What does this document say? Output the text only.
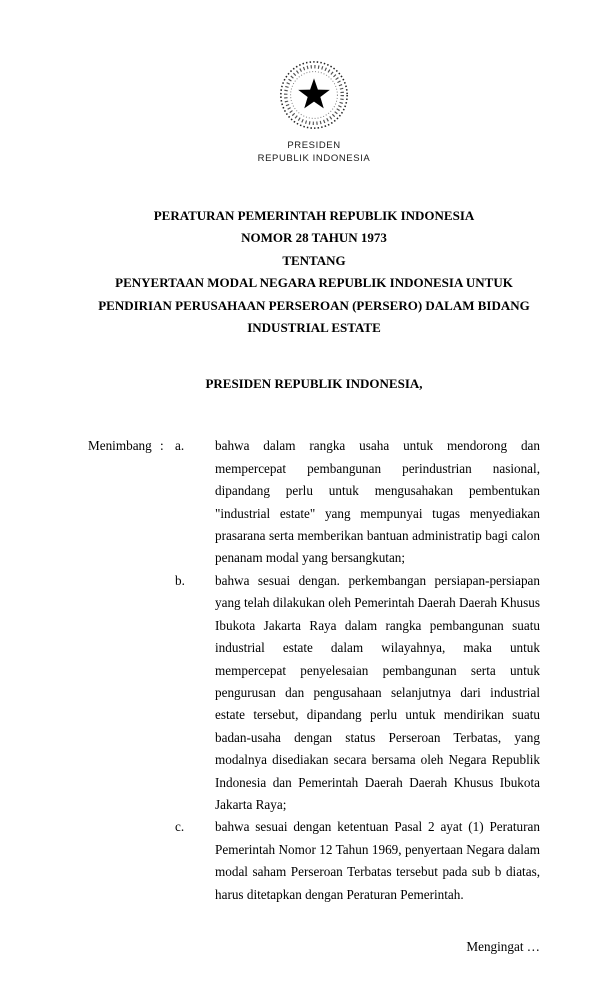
PRESIDEN
REPUBLIK INDONESIA
PERATURAN PEMERINTAH REPUBLIK INDONESIA
NOMOR 28 TAHUN 1973
TENTANG
PENYERTAAN MODAL NEGARA REPUBLIK INDONESIA UNTUK
PENDIRIAN PERUSAHAAN PERSEROAN (PERSERO) DALAM BIDANG
INDUSTRIAL ESTATE
PRESIDEN REPUBLIK INDONESIA,
Menimbang : a.	bahwa dalam rangka usaha untuk mendorong dan mempercepat pembangunan perindustrian nasional, dipandang perlu untuk mengusahakan pembentukan "industrial estate" yang mempunyai tugas menyediakan prasarana serta memberikan bantuan administratip bagi calon penanam modal yang bersangkutan;
b.	bahwa sesuai dengan. perkembangan persiapan-persiapan yang telah dilakukan oleh Pemerintah Daerah Daerah Khusus Ibukota Jakarta Raya dalam rangka pembangunan suatu industrial estate dalam wilayahnya, maka untuk mempercepat penyelesaian pembangunan serta untuk pengurusan dan pengusahaan selanjutnya dari industrial estate tersebut, dipandang perlu untuk mendirikan suatu badan-usaha dengan status Perseroan Terbatas, yang modalnya disediakan secara bersama oleh Negara Republik Indonesia dan Pemerintah Daerah Daerah Khusus Ibukota Jakarta Raya;
c.	bahwa sesuai dengan ketentuan Pasal 2 ayat (1) Peraturan Pemerintah Nomor 12 Tahun 1969, penyertaan Negara dalam modal saham Perseroan Terbatas tersebut pada sub b diatas, harus ditetapkan dengan Peraturan Pemerintah.
Mengingat …
